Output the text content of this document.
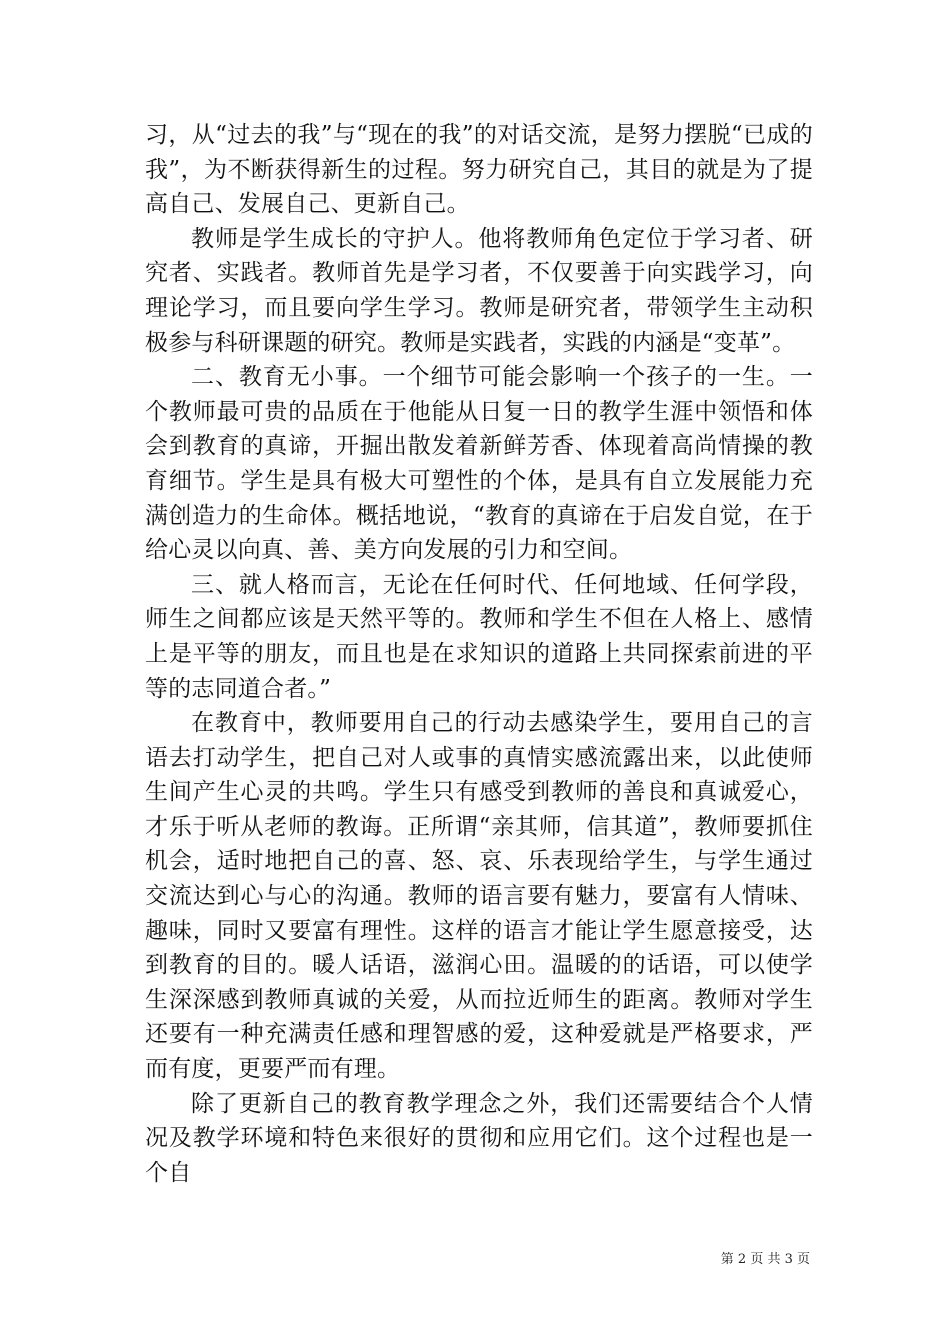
习，从“过去的我”与“现在的我”的对话交流，是努力摆脱“已成的我”，为不断获得新生的过程。努力研究自己，其目的就是为了提高自己、发展自己、更新自己。

教师是学生成长的守护人。他将教师角色定位于学习者、研究者、实践者。教师首先是学习者，不仅要善于向实践学习，向理论学习，而且要向学生学习。教师是研究者，带领学生主动积极参与科研课题的研究。教师是实践者，实践的内涵是“变革”。

二、教育无小事。一个细节可能会影响一个孩子的一生。一个教师最可贵的品质在于他能从日复一日的教学生涯中领悟和体会到教育的真谛，开掘出散发着新鲜芳香、体现着高尚情操的教育细节。学生是具有极大可塑性的个体，是具有自立发展能力充满创造力的生命体。概括地说，“教育的真谛在于启发自觉，在于给心灵以向真、善、美方向发展的引力和空间。

三、就人格而言，无论在任何时代、任何地域、任何学段，师生之间都应该是天然平等的。教师和学生不但在人格上、感情上是平等的朋友，而且也是在求知识的道路上共同探索前进的平等的志同道合者。”

在教育中，教师要用自己的行动去感染学生，要用自己的言语去打动学生，把自己对人或事的真情实感流露出来，以此使师生间产生心灵的共鸣。学生只有感受到教师的善良和真诚爱心，才乐于听从老师的教诲。正所谓“亲其师，信其道”，教师要抓住机会，适时地把自己的喜、怒、哀、乐表现给学生，与学生通过交流达到心与心的沟通。教师的语言要有魅力，要富有人情味、趣味，同时又要富有理性。这样的语言才能让学生愿意接受，达到教育的目的。暖人话语，滋润心田。温暖的的话语，可以使学生深深感到教师真诚的关爱，从而拉近师生的距离。教师对学生还要有一种充满责任感和理智感的爱，这种爱就是严格要求，严而有度，更要严而有理。

除了更新自己的教育教学理念之外，我们还需要结合个人情况及教学环境和特色来很好的贯彻和应用它们。这个过程也是一个自

第 2 页 共 3 页
